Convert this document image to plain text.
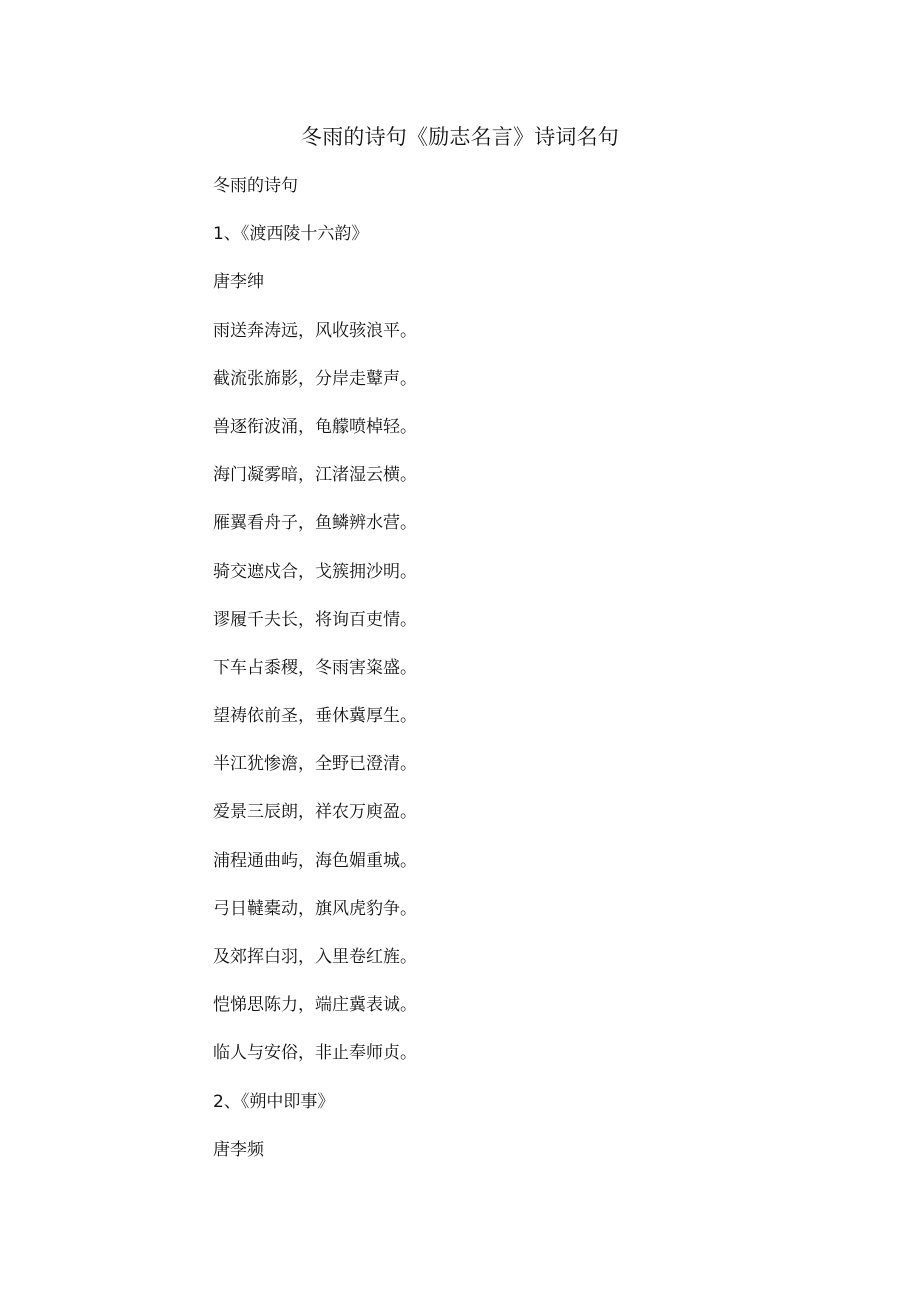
冬雨的诗句《励志名言》诗词名句
冬雨的诗句
1、《渡西陵十六韵》
唐李绅
雨送奔涛远，风收骇浪平。
截流张旆影，分岸走鼙声。
兽逐衔波涌，龟艨喷棹轻。
海门凝雾暗，江渚湿云横。
雁翼看舟子，鱼鳞辨水营。
骑交遮戍合，戈簇拥沙明。
谬履千夫长，将询百吏情。
下车占黍稷，冬雨害粢盛。
望祷依前圣，垂休冀厚生。
半江犹惨澹，全野已澄清。
爱景三辰朗，祥农万庾盈。
浦程通曲屿，海色媚重城。
弓日韃橐动，旗风虎豹争。
及郊挥白羽，入里卷红旌。
恺悌思陈力，端庄冀表诚。
临人与安俗，非止奉师贞。
2、《朔中即事》
唐李频
